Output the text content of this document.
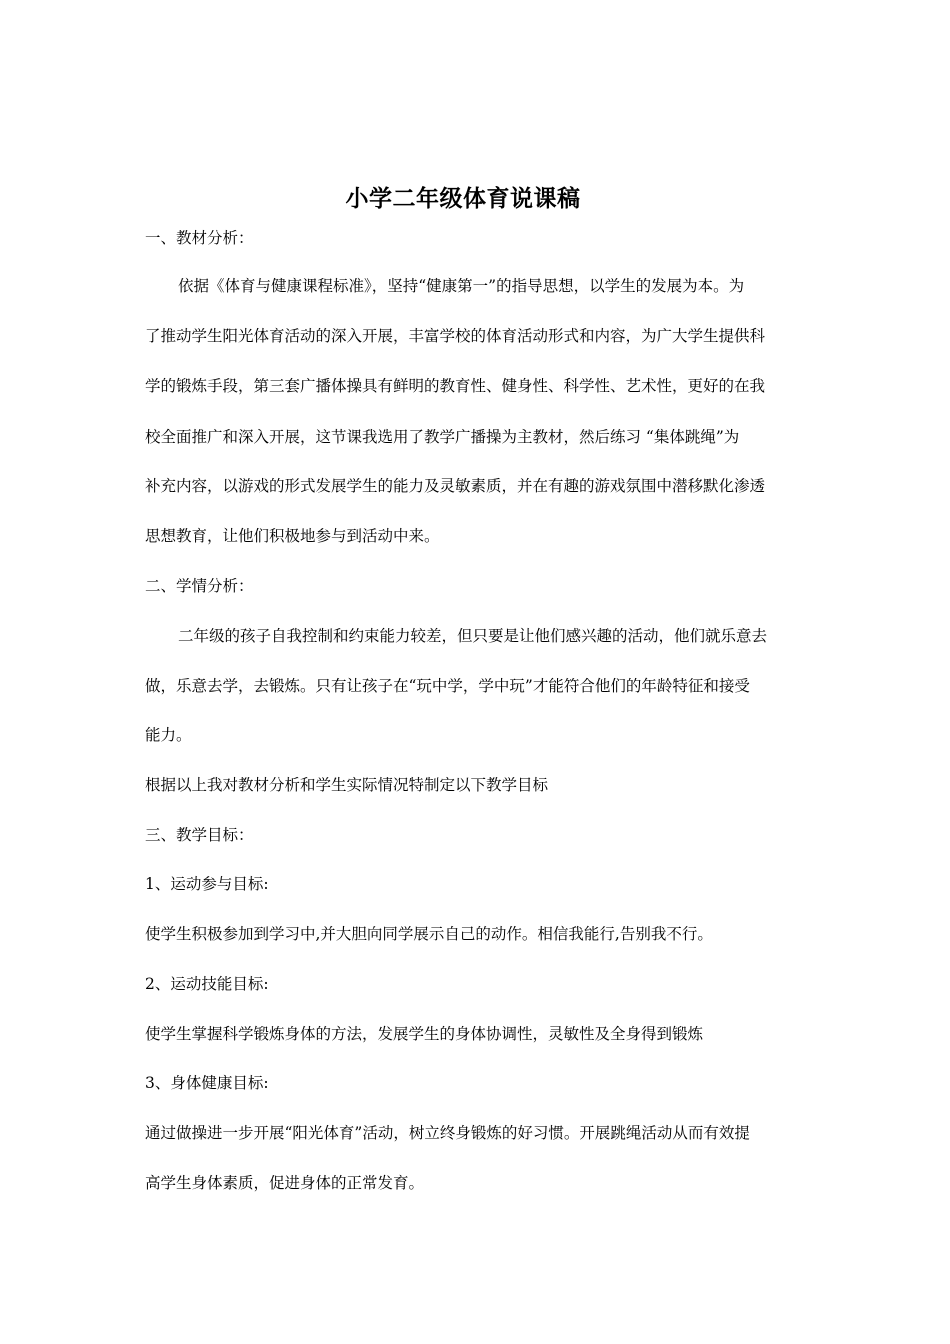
小学二年级体育说课稿
一、教材分析：
依据《体育与健康课程标准》，坚持“健康第一”的指导思想，以学生的发展为本。为
了推动学生阳光体育活动的深入开展，丰富学校的体育活动形式和内容，为广大学生提供科
学的锻炼手段，第三套广播体操具有鲜明的教育性、健身性、科学性、艺术性，更好的在我
校全面推广和深入开展，这节课我选用了教学广播操为主教材，然后练习 “集体跳绳”为
补充内容，以游戏的形式发展学生的能力及灵敏素质，并在有趣的游戏氛围中潜移默化渗透
思想教育，让他们积极地参与到活动中来。
二、学情分析：
二年级的孩子自我控制和约束能力较差，但只要是让他们感兴趣的活动，他们就乐意去
做，乐意去学，去锻炼。只有让孩子在“玩中学，学中玩”才能符合他们的年龄特征和接受
能力。
根据以上我对教材分析和学生实际情况特制定以下教学目标
三、教学目标：
1、运动参与目标:
使学生积极参加到学习中,并大胆向同学展示自己的动作。相信我能行,告别我不行。
2、运动技能目标:
使学生掌握科学锻炼身体的方法，发展学生的身体协调性，灵敏性及全身得到锻炼
3、身体健康目标:
通过做操进一步开展“阳光体育”活动，树立终身锻炼的好习惯。开展跳绳活动从而有效提
高学生身体素质，促进身体的正常发育。
